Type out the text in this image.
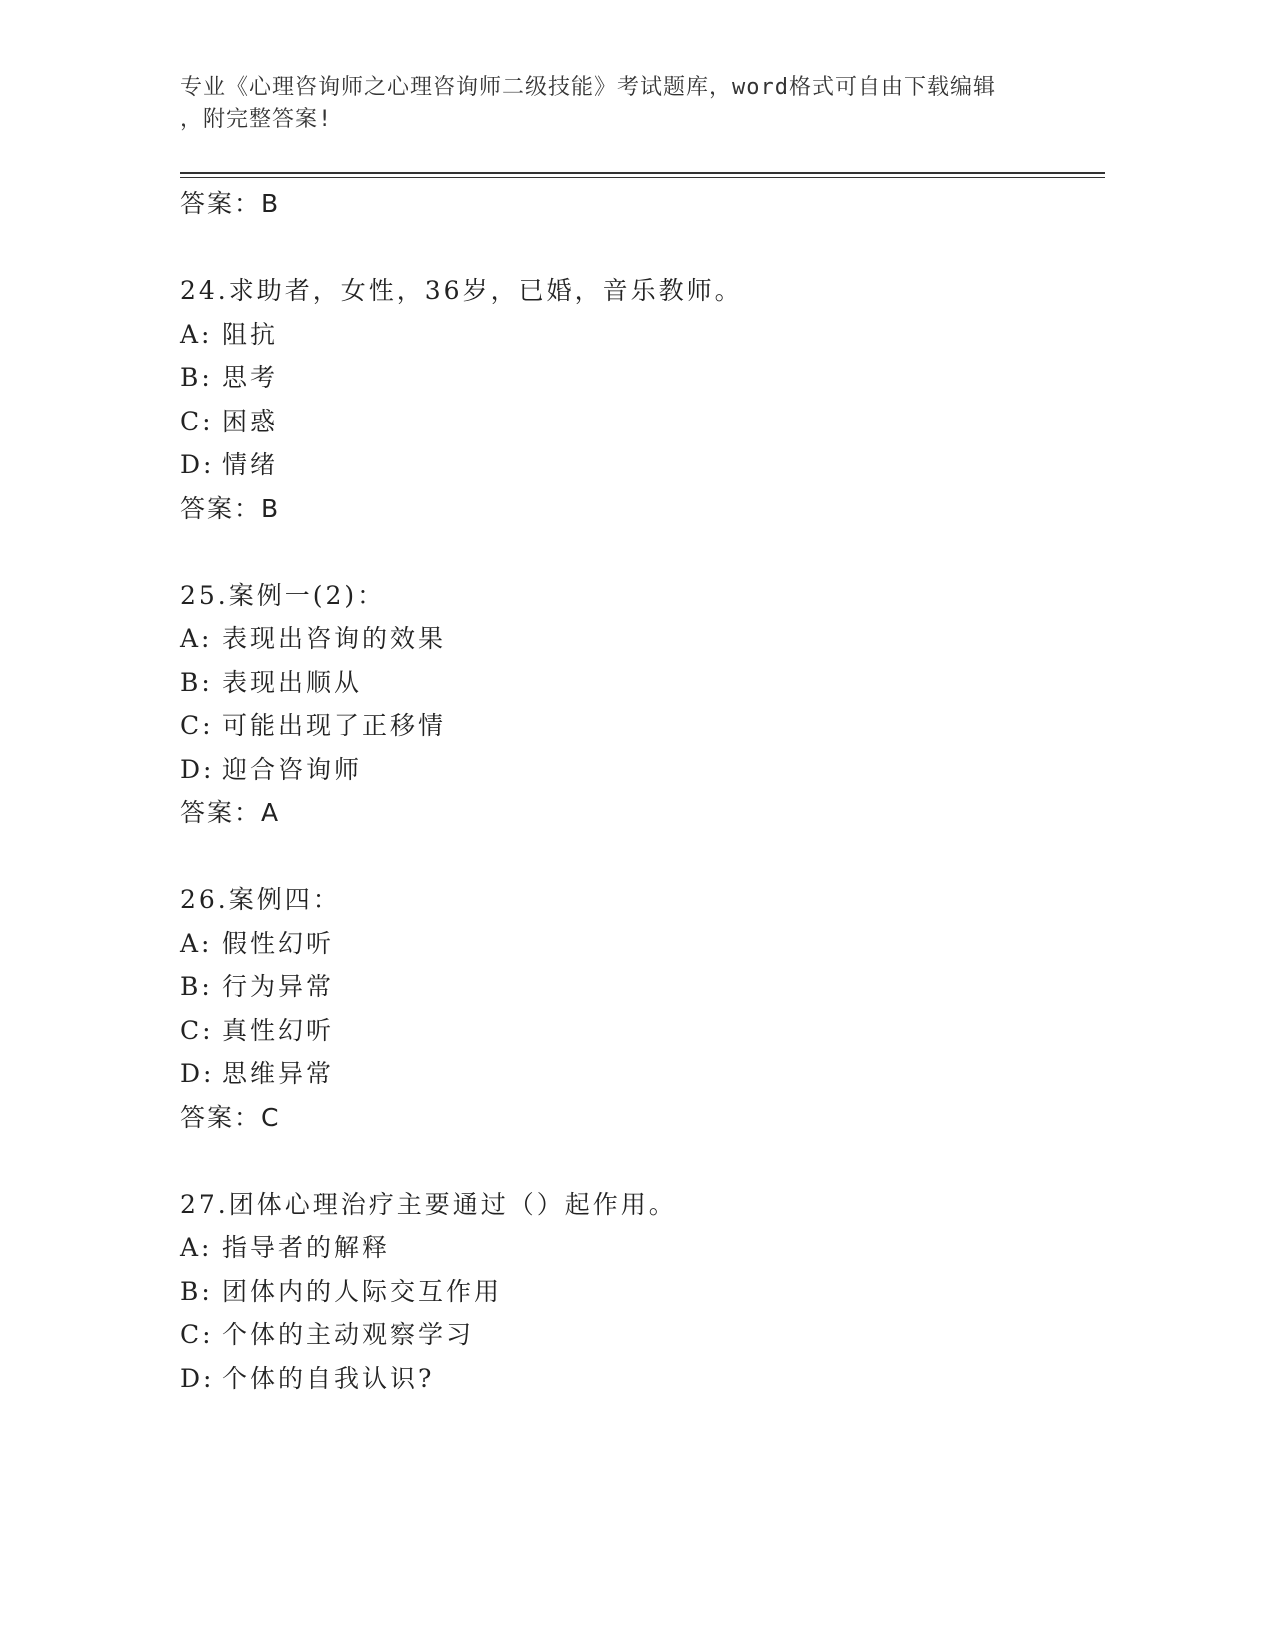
专业《心理咨询师之心理咨询师二级技能》考试题库，word格式可自由下载编辑
，附完整答案!
答案：B
24.求助者，女性，36岁，已婚，音乐教师。
A: 阻抗
B: 思考
C: 困惑
D: 情绪
答案：B
25.案例一(2)：
A: 表现出咨询的效果
B: 表现出顺从
C: 可能出现了正移情
D: 迎合咨询师
答案：A
26.案例四：
A: 假性幻听
B: 行为异常
C: 真性幻听
D: 思维异常
答案：C
27.团体心理治疗主要通过（）起作用。
A: 指导者的解释
B: 团体内的人际交互作用
C: 个体的主动观察学习
D: 个体的自我认识?
